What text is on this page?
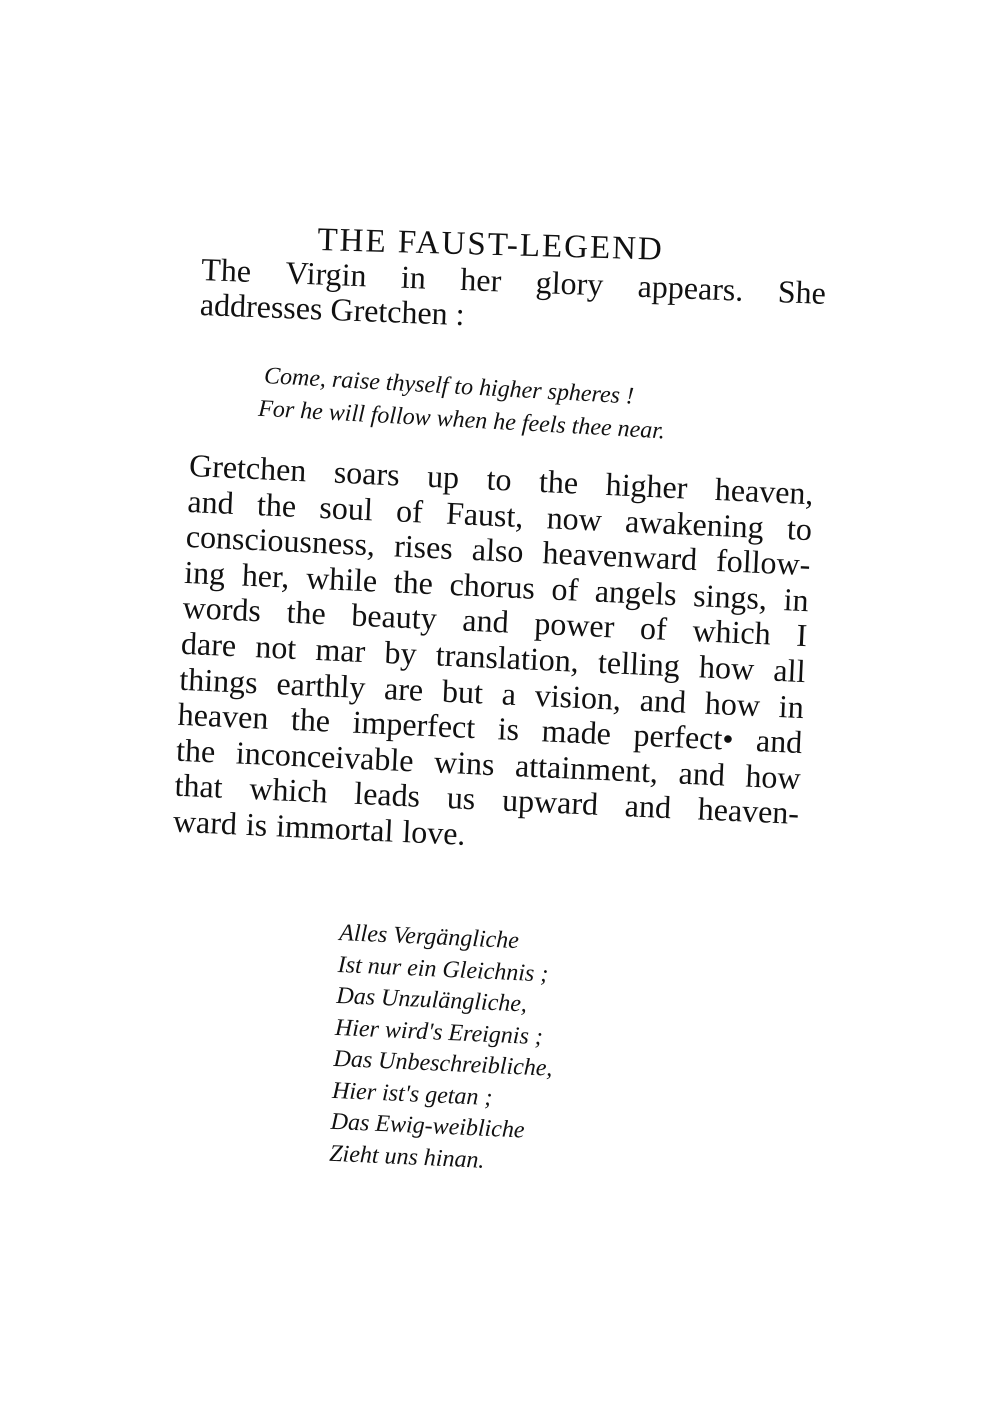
THE FAUST-LEGEND
The Virgin in her glory appears. She
addresses Gretchen :
Come, raise thyself to higher spheres !
For he will follow when he feels thee near.
Gretchen soars up to the higher heaven,
and the soul of Faust, now awakening to
consciousness, rises also heavenward follow-
ing her, while the chorus of angels sings, in
words the beauty and power of which I
dare not mar by translation, telling how all
things earthly are but a vision, and how in
heaven the imperfect is made perfect• and
the inconceivable wins attainment, and how
that which leads us upward and heaven-
ward is immortal love.
Alles Vergängliche
Ist nur ein Gleichnis ;
Das Unzulängliche,
Hier wird's Ereignis ;
Das Unbeschreibliche,
Hier ist's getan ;
Das Ewig-weibliche
Zieht uns hinan.
